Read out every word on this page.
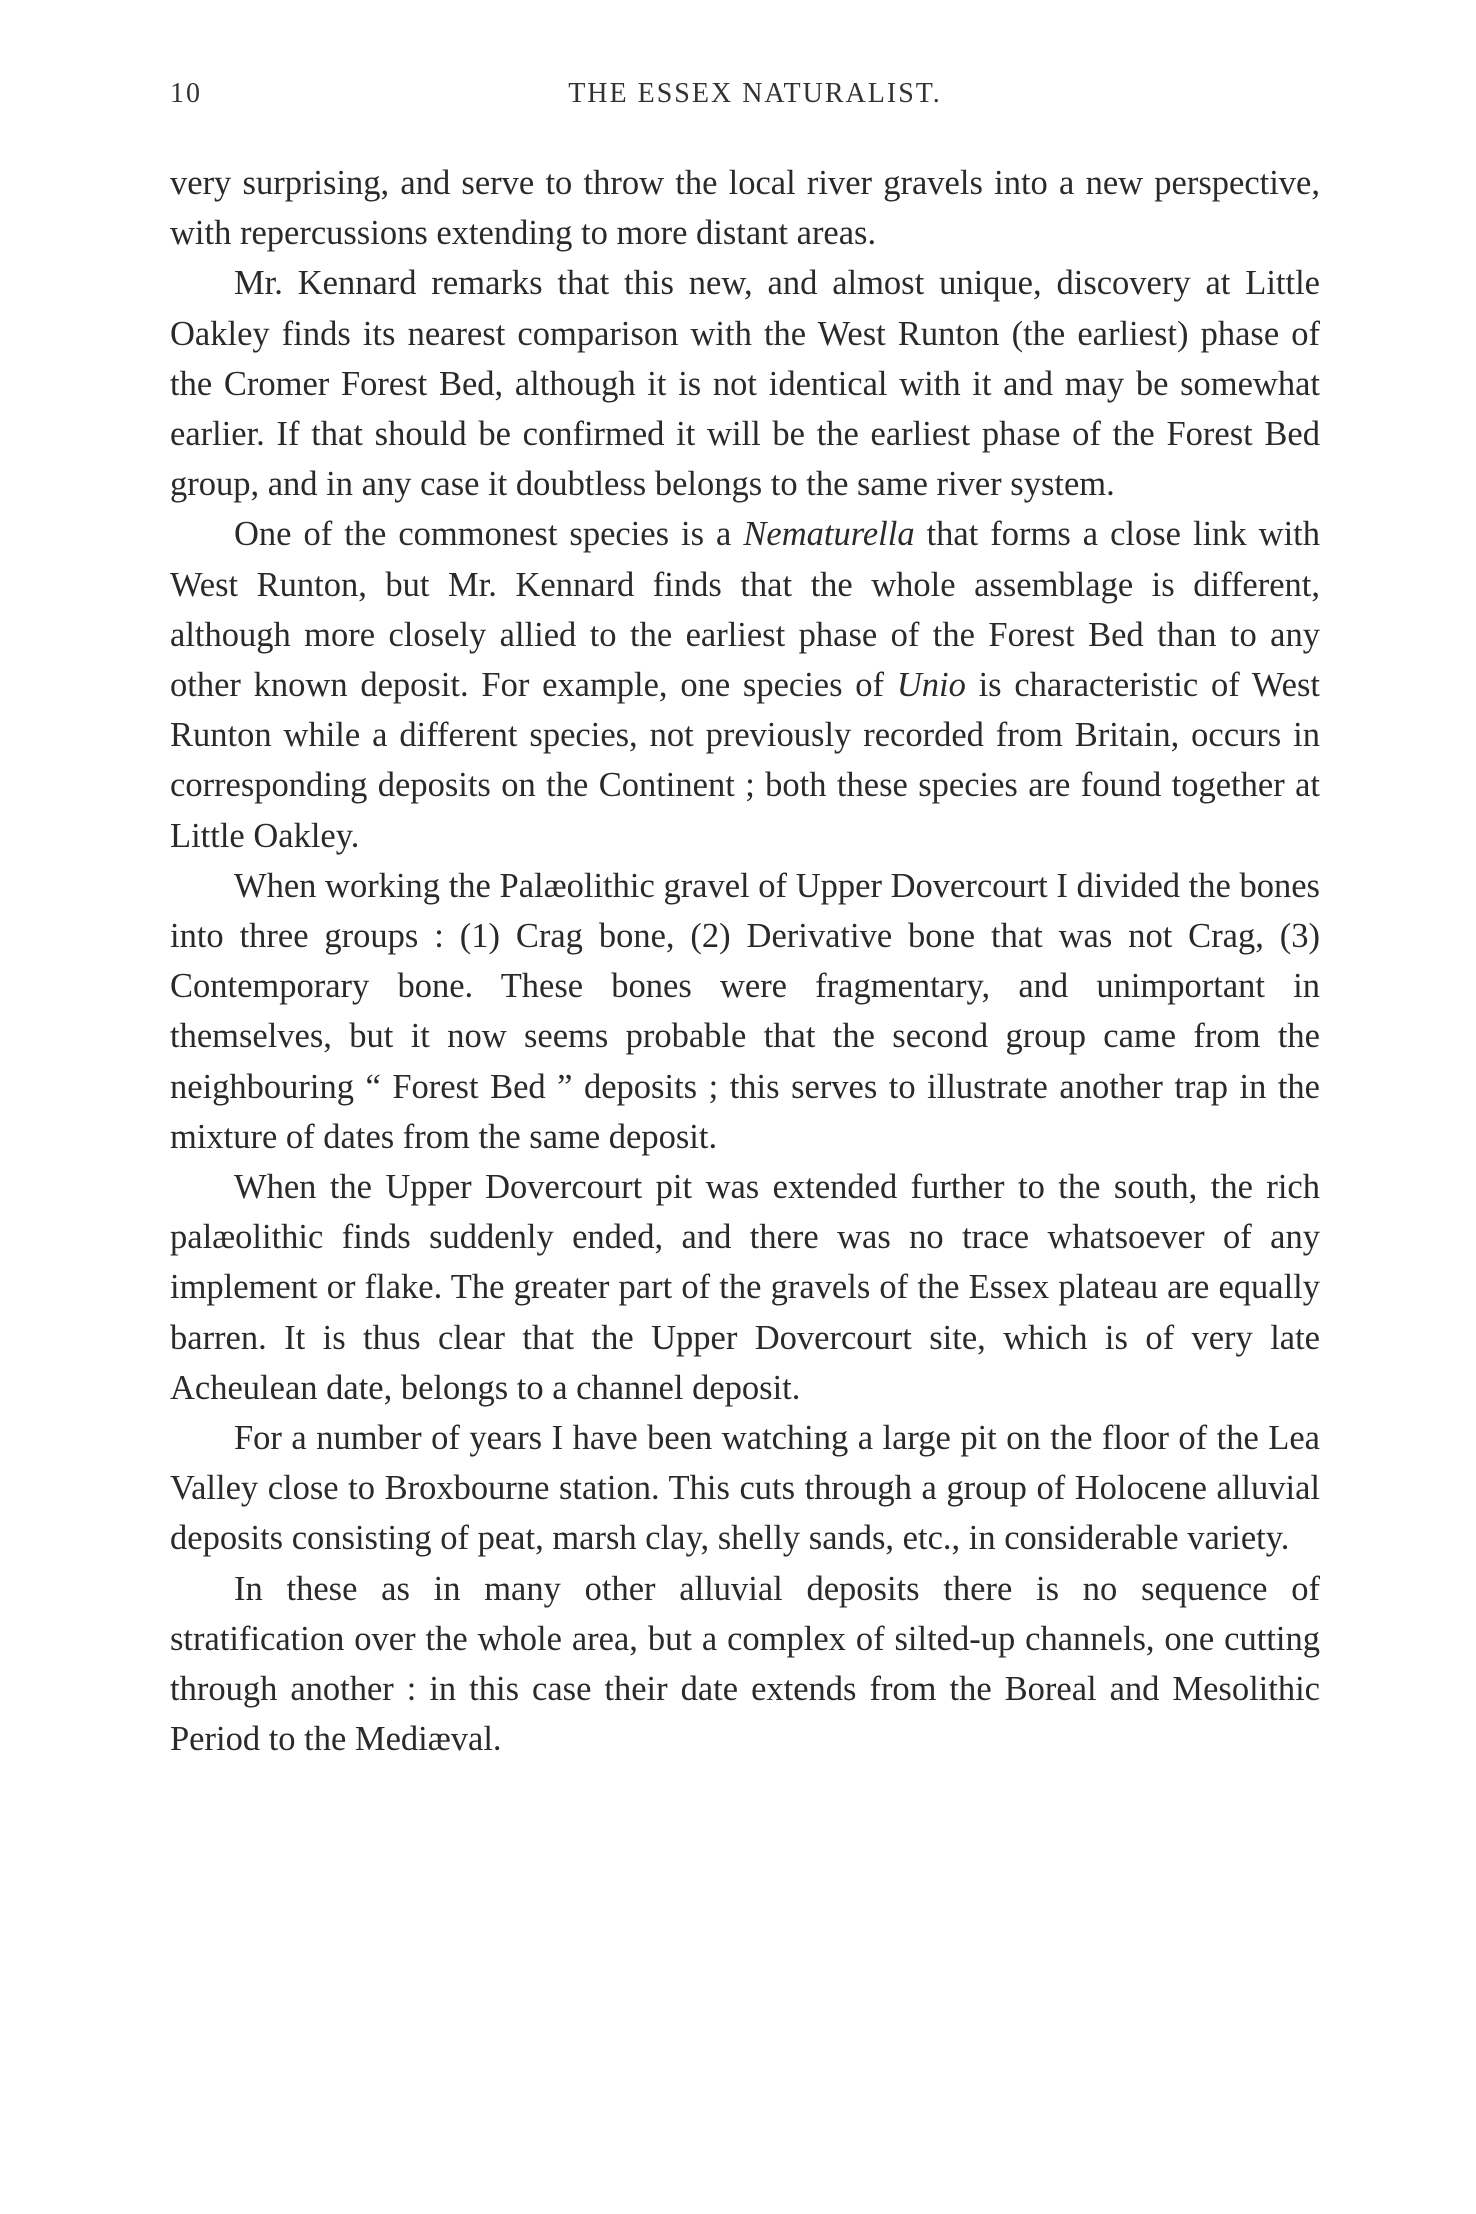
10	THE ESSEX NATURALIST.

very surprising, and serve to throw the local river gravels into a new perspective, with repercussions extending to more distant areas.

Mr. Kennard remarks that this new, and almost unique, discovery at Little Oakley finds its nearest comparison with the West Runton (the earliest) phase of the Cromer Forest Bed, although it is not identical with it and may be somewhat earlier. If that should be confirmed it will be the earliest phase of the Forest Bed group, and in any case it doubtless belongs to the same river system.

One of the commonest species is a Nematurella that forms a close link with West Runton, but Mr. Kennard finds that the whole assemblage is different, although more closely allied to the earliest phase of the Forest Bed than to any other known deposit. For example, one species of Unio is characteristic of West Runton while a different species, not previously recorded from Britain, occurs in corresponding deposits on the Continent ; both these species are found together at Little Oakley.

When working the Palæolithic gravel of Upper Dovercourt I divided the bones into three groups : (1) Crag bone, (2) Derivative bone that was not Crag, (3) Contemporary bone. These bones were fragmentary, and unimportant in themselves, but it now seems probable that the second group came from the neighbouring “ Forest Bed ” deposits ; this serves to illustrate another trap in the mixture of dates from the same deposit.

When the Upper Dovercourt pit was extended further to the south, the rich palæolithic finds suddenly ended, and there was no trace whatsoever of any implement or flake. The greater part of the gravels of the Essex plateau are equally barren. It is thus clear that the Upper Dovercourt site, which is of very late Acheulean date, belongs to a channel deposit.

For a number of years I have been watching a large pit on the floor of the Lea Valley close to Broxbourne station. This cuts through a group of Holocene alluvial deposits consisting of peat, marsh clay, shelly sands, etc., in considerable variety.

In these as in many other alluvial deposits there is no sequence of stratification over the whole area, but a complex of silted-up channels, one cutting through another : in this case their date extends from the Boreal and Mesolithic Period to the Mediæval.
